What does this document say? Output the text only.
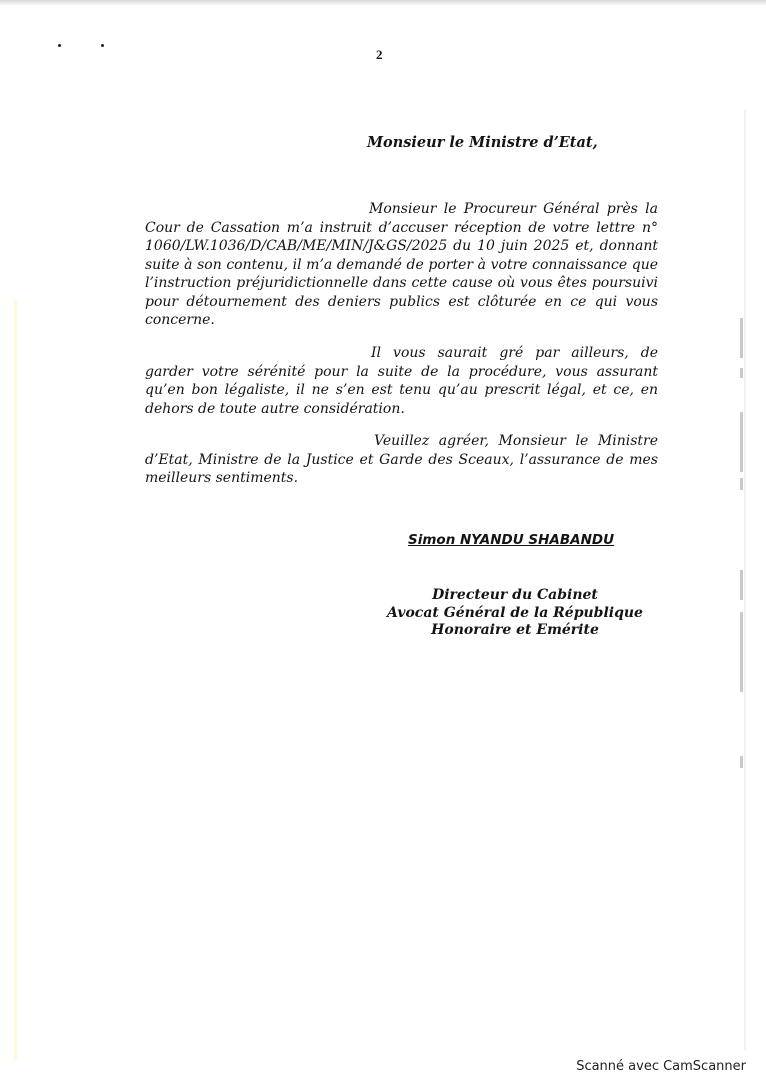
2
Monsieur le Ministre d’Etat,

Monsieur le Procureur Général près la Cour de Cassation m’a instruit d’accuser réception de votre lettre n° 1060/LW.1036/D/CAB/ME/MIN/J&GS/2025 du 10 juin 2025 et, donnant suite à son contenu, il m’a demandé de porter à votre connaissance que l’instruction préjuridictionnelle dans cette cause où vous êtes poursuivi pour détournement des deniers publics est clôturée en ce qui vous concerne.

Il vous saurait gré par ailleurs, de garder votre sérénité pour la suite de la procédure, vous assurant qu’en bon légaliste, il ne s’en est tenu qu’au prescrit légal, et ce, en dehors de toute autre considération.

Veuillez agréer, Monsieur le Ministre d’Etat, Ministre de la Justice et Garde des Sceaux, l’assurance de mes meilleurs sentiments.

Simon NYANDU SHABANDU
Directeur du Cabinet
Avocat Général de la République
Honoraire et Emérite
Scanné avec CamScanner
